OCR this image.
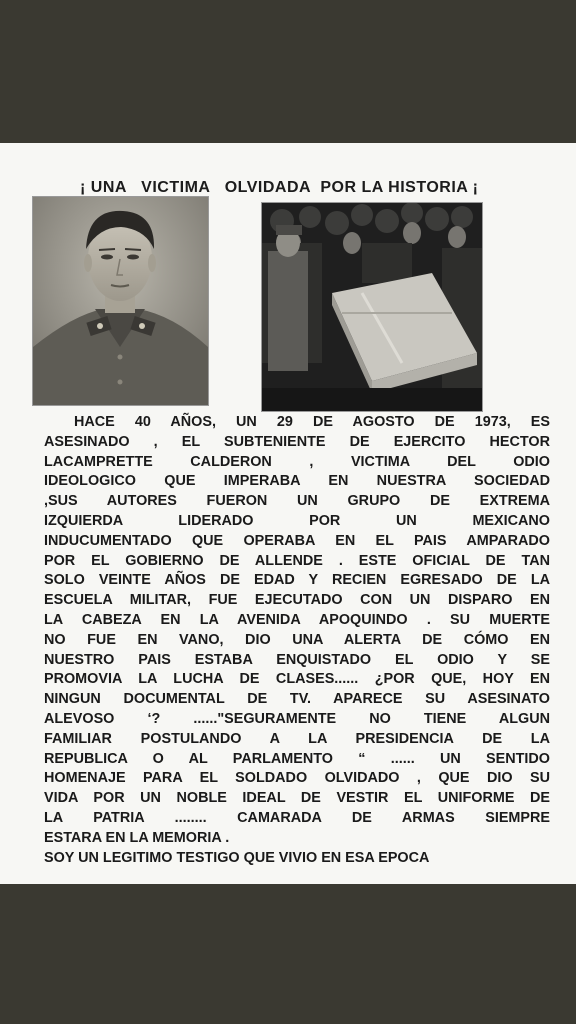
¡ UNA   VICTIMA   OLVIDADA  POR LA HISTORIA ¡
HACE 40 AÑOS, UN 29 DE AGOSTO DE 1973, ES
ASESINADO , EL SUBTENIENTE DE EJERCITO HECTOR
LACAMPRETTE CALDERON , VICTIMA DEL ODIO
IDEOLOGICO QUE IMPERABA EN NUESTRA SOCIEDAD
,SUS AUTORES FUERON UN GRUPO DE EXTREMA
IZQUIERDA LIDERADO POR UN MEXICANO
INDUCUMENTADO QUE OPERABA EN EL PAIS AMPARADO
POR EL GOBIERNO DE ALLENDE . ESTE OFICIAL DE TAN
SOLO VEINTE AÑOS DE EDAD Y RECIEN EGRESADO DE LA
ESCUELA MILITAR, FUE EJECUTADO CON UN DISPARO EN
LA CABEZA EN LA AVENIDA APOQUINDO . SU MUERTE
NO FUE EN VANO, DIO UNA ALERTA DE CÓMO EN
NUESTRO PAIS ESTABA ENQUISTADO EL ODIO Y SE
PROMOVIA LA LUCHA DE CLASES...... ¿POR QUE, HOY EN
NINGUN DOCUMENTAL DE TV. APARECE SU ASESINATO
ALEVOSO ‘? ......"SEGURAMENTE NO TIENE ALGUN
FAMILIAR POSTULANDO A LA PRESIDENCIA DE LA
REPUBLICA O AL PARLAMENTO “ ...... UN SENTIDO
HOMENAJE PARA EL SOLDADO OLVIDADO , QUE DIO SU
VIDA POR UN NOBLE IDEAL DE VESTIR EL UNIFORME DE
LA PATRIA ........ CAMARADA DE ARMAS SIEMPRE
ESTARA EN LA MEMORIA .
SOY UN LEGITIMO TESTIGO QUE VIVIO EN ESA EPOCA
